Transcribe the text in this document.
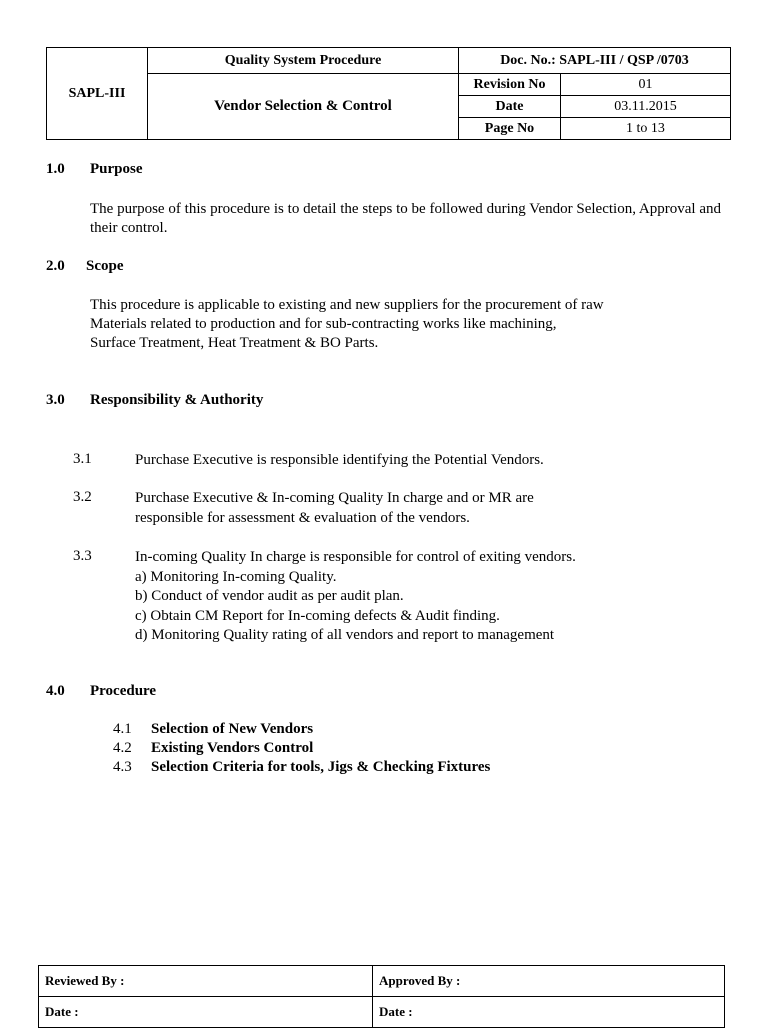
SAPL-III	Quality System Procedure	Doc. No.: SAPL-III / QSP /0703	
	Vendor Selection & Control	Revision No	01
		Date	03.11.2015
		Page No	1 to 13
1.0 Purpose
The purpose of this procedure is to detail the steps to be followed during Vendor Selection, Approval and their control.
2.0 Scope
This procedure is applicable to existing and new suppliers for the procurement of raw
Materials related to production and for sub-contracting works like machining,
Surface Treatment, Heat Treatment & BO Parts.
3.0 Responsibility & Authority
3.1	Purchase Executive is responsible identifying the Potential Vendors.
3.2	Purchase Executive & In-coming Quality In charge and or MR are
responsible for assessment & evaluation of the vendors.
3.3	In-coming Quality In charge is responsible for control of exiting vendors.
a) Monitoring In-coming Quality.
b) Conduct of vendor audit as per audit plan.
c) Obtain CM Report for In-coming defects & Audit finding.
d) Monitoring Quality rating of all vendors and report to management
4.0 Procedure
4.1 Selection of New Vendors
4.2 Existing Vendors Control
4.3 Selection Criteria for tools, Jigs & Checking Fixtures
Reviewed By :	Approved By :
Date :	Date :
